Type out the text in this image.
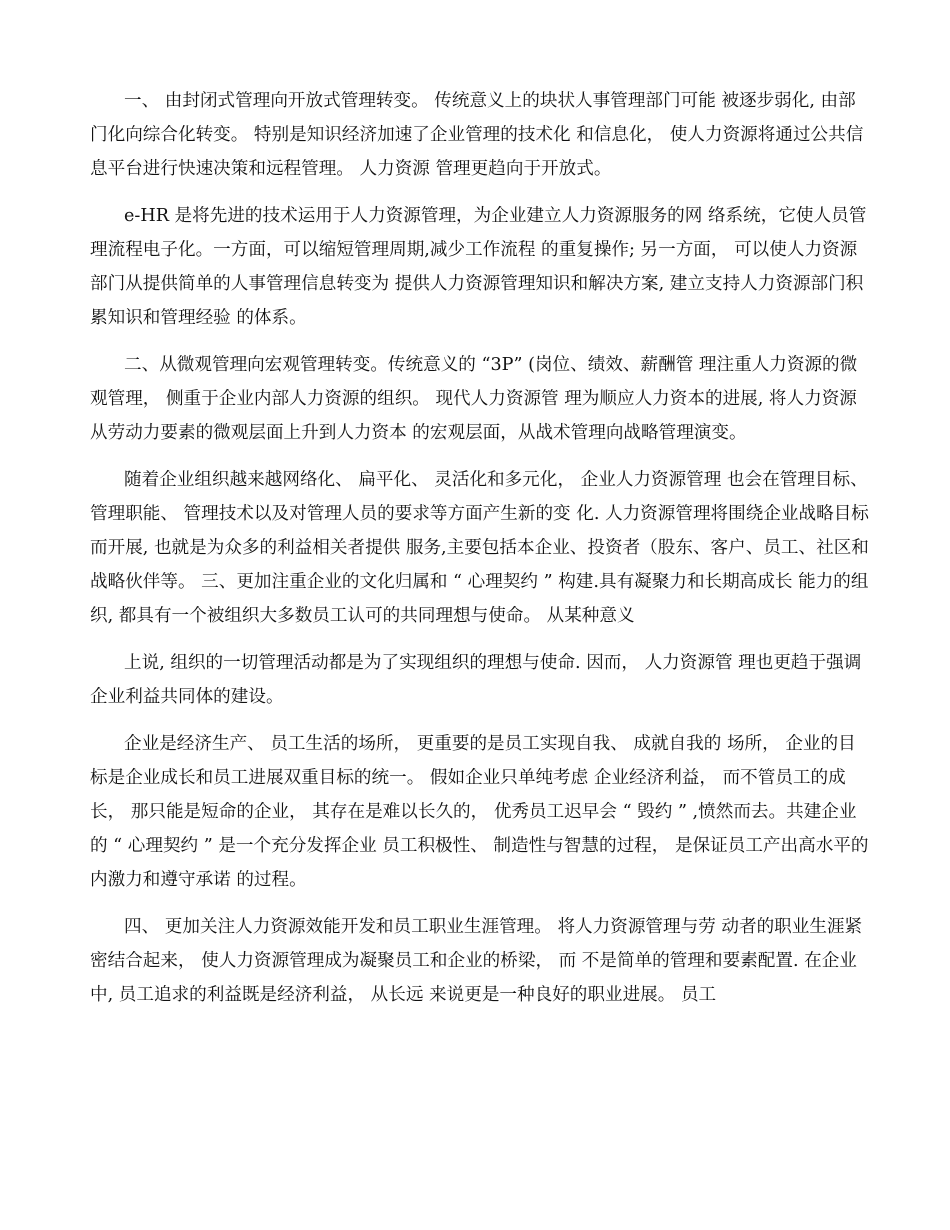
一、 由封闭式管理向开放式管理转变。 传统意义上的块状人事管理部门可能 被逐步弱化, 由部门化向综合化转变。 特别是知识经济加速了企业管理的技术化 和信息化， 使人力资源将通过公共信息平台进行快速决策和远程管理。 人力资源 管理更趋向于开放式。

e-HR 是将先进的技术运用于人力资源管理，为企业建立人力资源服务的网 络系统，它使人员管理流程电子化。一方面，可以缩短管理周期,减少工作流程 的重复操作; 另一方面， 可以使人力资源部门从提供简单的人事管理信息转变为 提供人力资源管理知识和解决方案, 建立支持人力资源部门积累知识和管理经验 的体系。

二、从微观管理向宏观管理转变。传统意义的 “3P” (岗位、绩效、薪酬管 理注重人力资源的微观管理， 侧重于企业内部人力资源的组织。 现代人力资源管 理为顺应人力资本的进展, 将人力资源从劳动力要素的微观层面上升到人力资本 的宏观层面，从战术管理向战略管理演变。

随着企业组织越来越网络化、 扁平化、 灵活化和多元化， 企业人力资源管理 也会在管理目标、 管理职能、 管理技术以及对管理人员的要求等方面产生新的变 化. 人力资源管理将围绕企业战略目标而开展, 也就是为众多的利益相关者提供 服务,主要包括本企业、投资者（股东、客户、员工、社区和战略伙伴等。 三、更加注重企业的文化归属和 “ 心理契约 ” 构建.具有凝聚力和长期高成长 能力的组织, 都具有一个被组织大多数员工认可的共同理想与使命。 从某种意义

上说, 组织的一切管理活动都是为了实现组织的理想与使命. 因而， 人力资源管 理也更趋于强调企业利益共同体的建设。

企业是经济生产、 员工生活的场所， 更重要的是员工实现自我、 成就自我的 场所， 企业的目标是企业成长和员工进展双重目标的统一。 假如企业只单纯考虑 企业经济利益， 而不管员工的成长， 那只能是短命的企业， 其存在是难以长久的， 优秀员工迟早会 “ 毁约 ” ,愤然而去。共建企业的 “ 心理契约 ” 是一个充分发挥企业 员工积极性、 制造性与智慧的过程， 是保证员工产出高水平的内激力和遵守承诺 的过程。

四、 更加关注人力资源效能开发和员工职业生涯管理。 将人力资源管理与劳 动者的职业生涯紧密结合起来， 使人力资源管理成为凝聚员工和企业的桥梁， 而 不是简单的管理和要素配置. 在企业中, 员工追求的利益既是经济利益， 从长远 来说更是一种良好的职业进展。 员工
